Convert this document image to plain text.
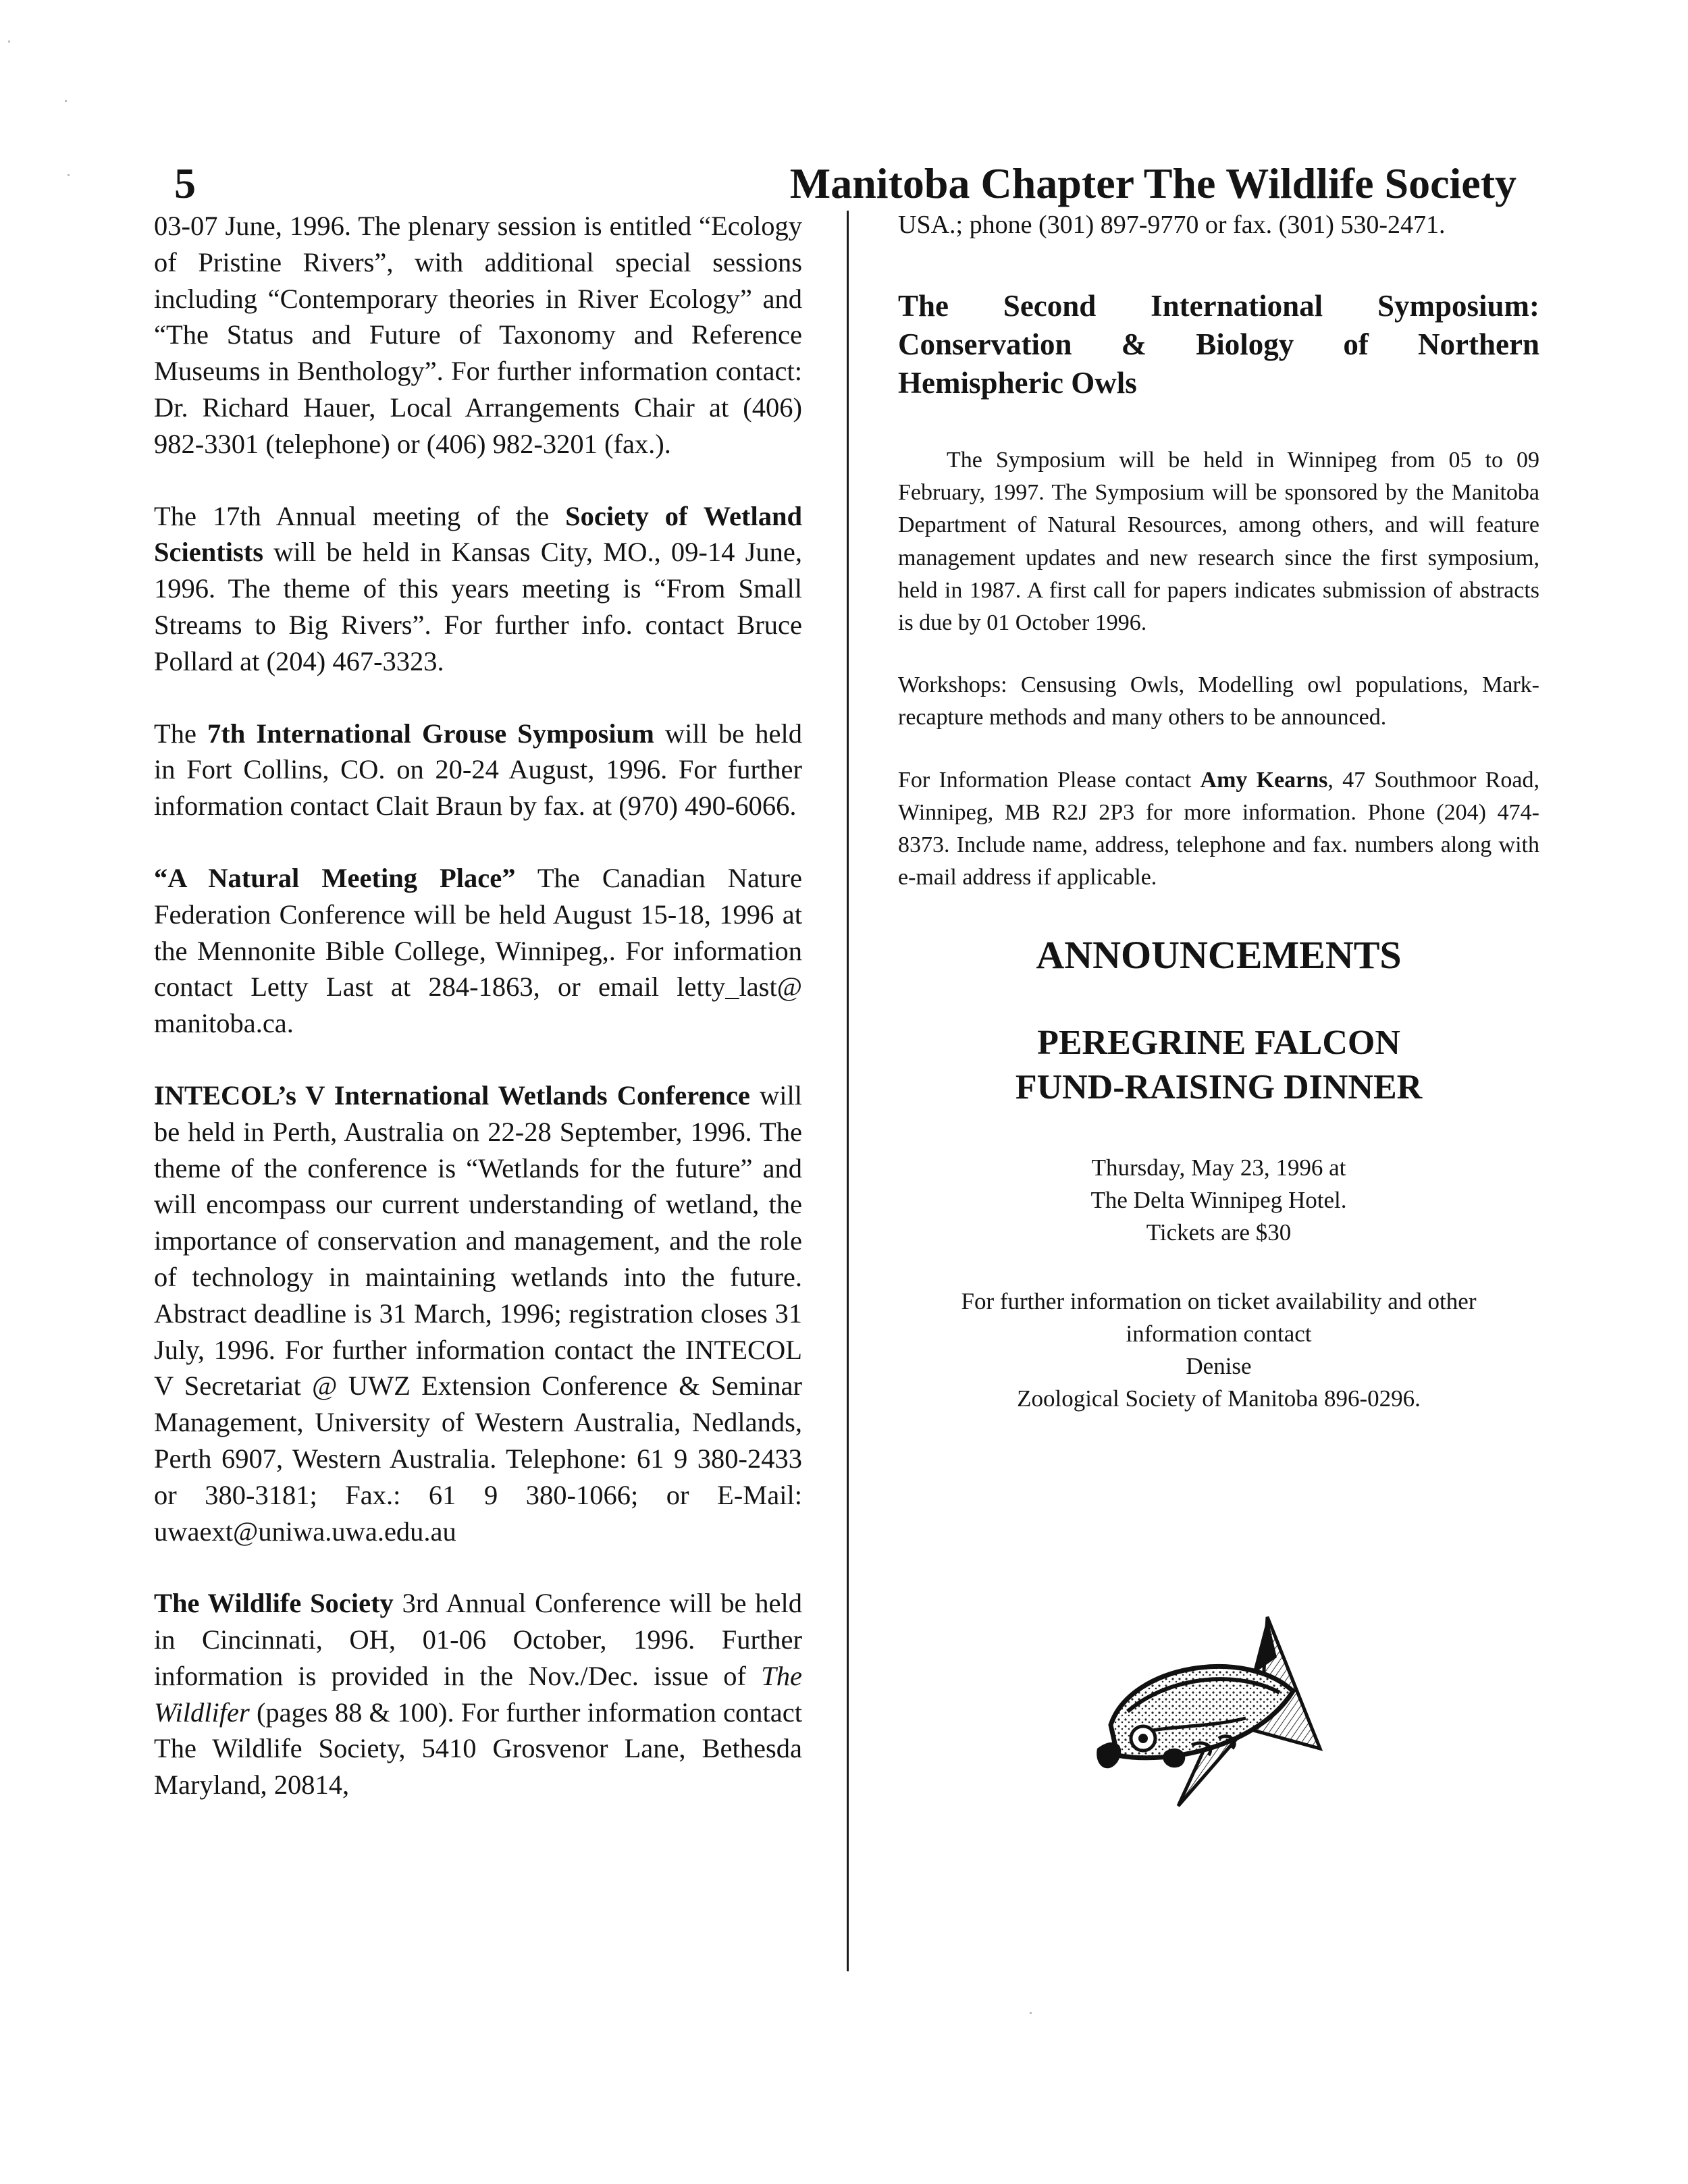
5	Manitoba Chapter The Wildlife Society

03-07 June, 1996. The plenary session is entitled “Ecology of Pristine Rivers”, with additional special sessions including “Contemporary theories in River Ecology” and “The Status and Future of Taxonomy and Reference Museums in Benthology”. For further information contact: Dr. Richard Hauer, Local Arrangements Chair at (406) 982-3301 (telephone) or (406) 982-3201 (fax.).

The 17th Annual meeting of the Society of Wetland Scientists will be held in Kansas City, MO., 09-14 June, 1996. The theme of this years meeting is “From Small Streams to Big Rivers”. For further info. contact Bruce Pollard at (204) 467-3323.

The 7th International Grouse Symposium will be held in Fort Collins, CO. on 20-24 August, 1996. For further information contact Clait Braun by fax. at (970) 490-6066.

“A Natural Meeting Place” The Canadian Nature Federation Conference will be held August 15-18, 1996 at the Mennonite Bible College, Winnipeg,. For information contact Letty Last at 284-1863, or email letty_last@ manitoba.ca.

INTECOL’s V International Wetlands Conference will be held in Perth, Australia on 22-28 September, 1996. The theme of the conference is “Wetlands for the future” and will encompass our current understanding of wetland, the importance of conservation and management, and the role of technology in maintaining wetlands into the future. Abstract deadline is 31 March, 1996; registration closes 31 July, 1996. For further information contact the INTECOL V Secretariat @ UWZ Extension Conference & Seminar Management, University of Western Australia, Nedlands, Perth 6907, Western Australia. Telephone: 61 9 380-2433 or 380-3181; Fax.: 61 9 380-1066; or E-Mail: uwaext@uniwa.uwa.edu.au

The Wildlife Society 3rd Annual Conference will be held in Cincinnati, OH, 01-06 October, 1996. Further information is provided in the Nov./Dec. issue of The Wildlifer (pages 88 & 100). For further information contact The Wildlife Society, 5410 Grosvenor Lane, Bethesda Maryland, 20814,

USA.; phone (301) 897-9770 or fax. (301) 530-2471.

The Second International Symposium: Conservation & Biology of Northern Hemispheric Owls

The Symposium will be held in Winnipeg from 05 to 09 February, 1997. The Symposium will be sponsored by the Manitoba Department of Natural Resources, among others, and will feature management updates and new research since the first symposium, held in 1987. A first call for papers indicates submission of abstracts is due by 01 October 1996.

Workshops: Censusing Owls, Modelling owl populations, Mark-recapture methods and many others to be announced.

For Information Please contact Amy Kearns, 47 Southmoor Road, Winnipeg, MB R2J 2P3 for more information. Phone (204) 474-8373. Include name, address, telephone and fax. numbers along with e-mail address if applicable.

ANNOUNCEMENTS

PEREGRINE FALCON

FUND-RAISING DINNER

Thursday, May 23, 1996 at

The Delta Winnipeg Hotel.

Tickets are $30

For further information on ticket availability and other

information contact

Denise

Zoological Society of Manitoba 896-0296.
